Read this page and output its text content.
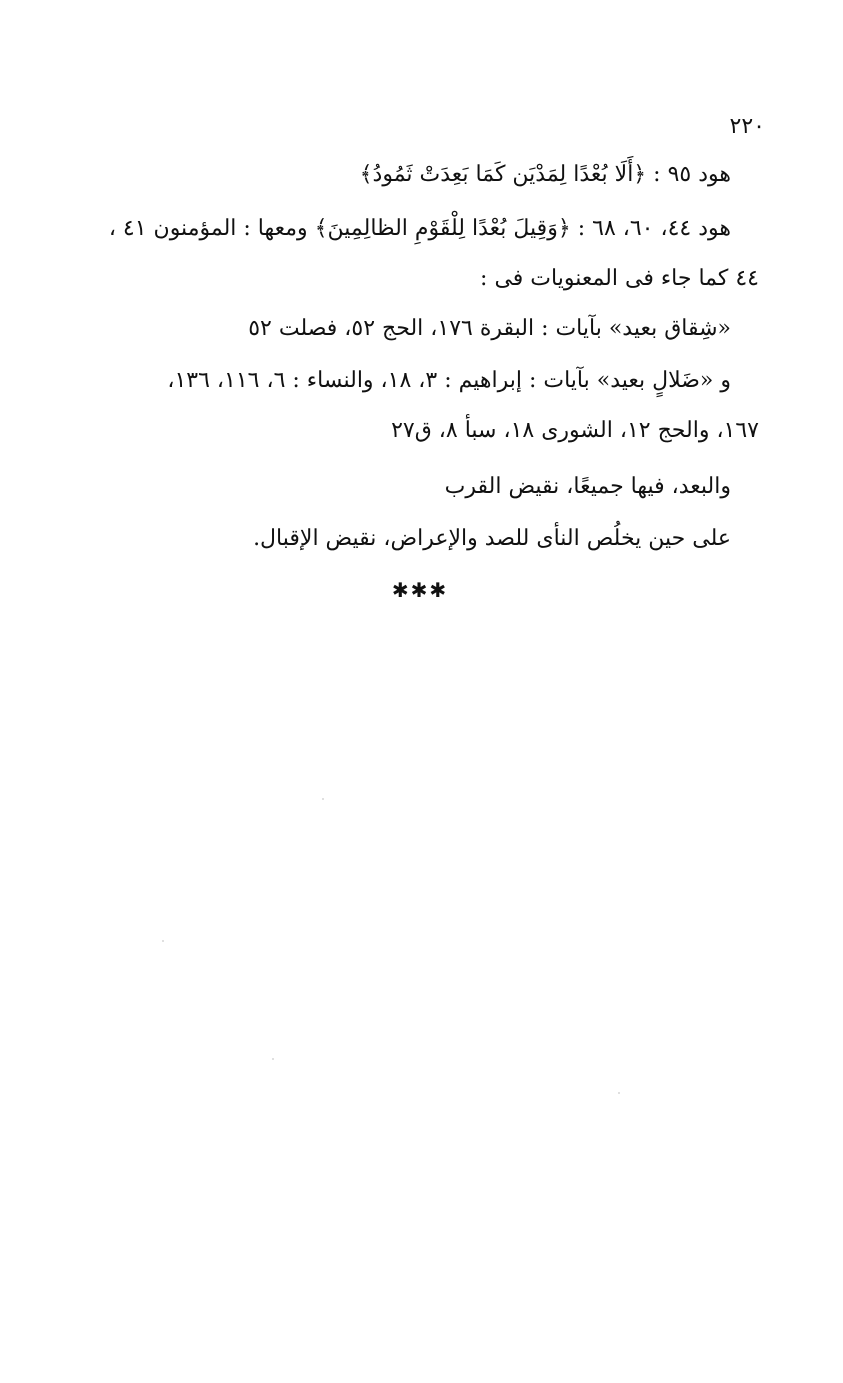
٢٢٠
هود ٩٥ : ﴿أَلَا بُعْدًا لِمَدْيَن كَمَا بَعِدَتْ ثَمُودُ﴾
هود ٤٤، ٦٠، ٦٨ : ﴿وَقِيلَ بُعْدًا لِلْقَوْمِ الظالِمِينَ﴾ ومعها : المؤمنون ٤١ ،
٤٤ كما جاء فى المعنويات فى :
«شِقاق بعيد» بآيات : البقرة ١٧٦، الحج ٥٢، فصلت ٥٢
و «ضَلالٍ بعيد» بآيات : إبراهيم : ٣، ١٨، والنساء : ٦، ١١٦، ١٣٦،
١٦٧، والحج ١٢، الشورى ١٨، سبأ ٨، ق٢٧
والبعد، فيها جميعًا، نقيض القرب
على حين يخلُص النأى للصد والإعراض، نقيض الإقبال.
✱✱✱
